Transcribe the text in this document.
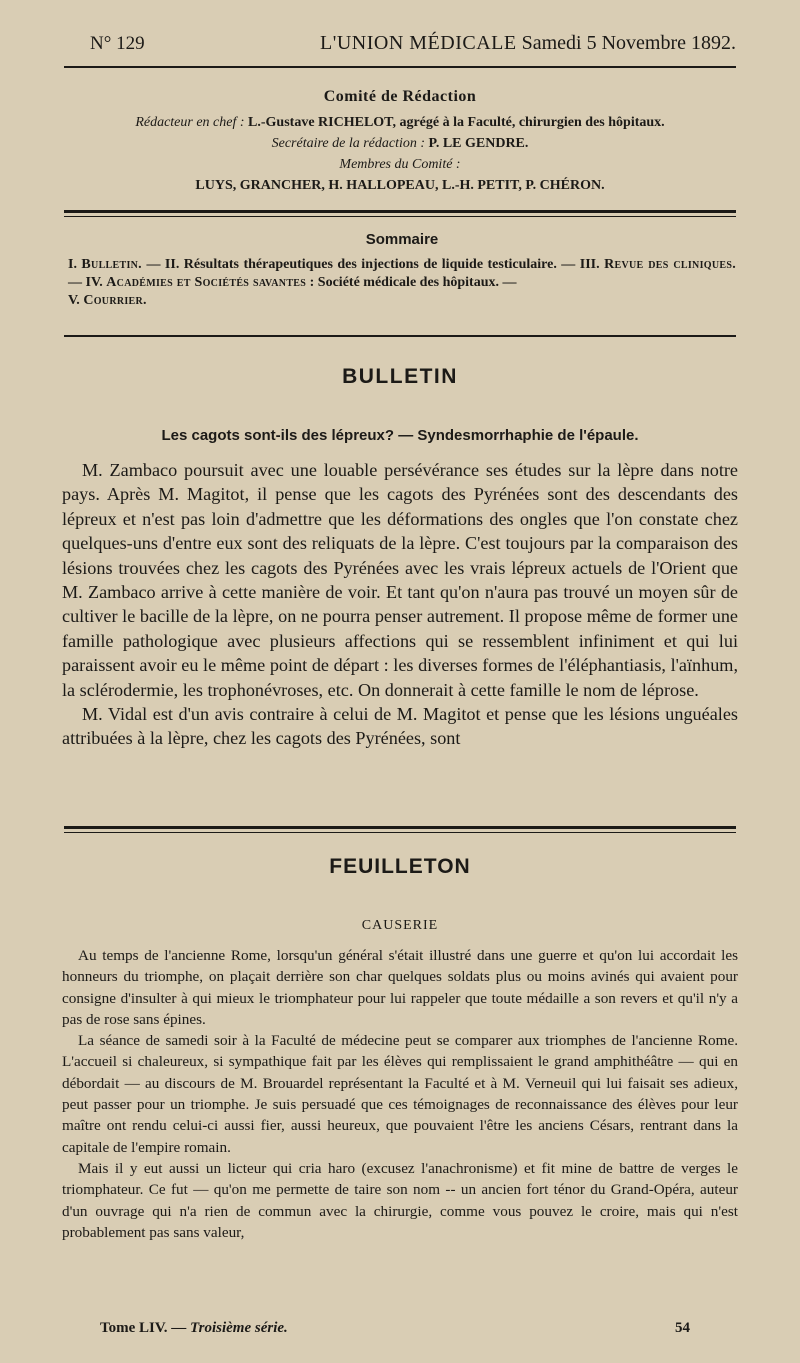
N° 129	L'UNION MÉDICALE Samedi 5 Novembre 1892.
Comité de Rédaction
Rédacteur en chef : L.-Gustave RICHELOT, agrégé à la Faculté, chirurgien des hôpitaux.
Secrétaire de la rédaction : P. LE GENDRE.
Membres du Comité :
LUYS, GRANCHER, H. HALLOPEAU, L.-H. PETIT, P. CHÉRON.
Sommaire
I. Bulletin. — II. Résultats thérapeutiques des injections de liquide testiculaire. — III. Revue des cliniques. — IV. Académies et Sociétés savantes : Société médicale des hôpitaux. —
V. Courrier.
BULLETIN
Les cagots sont-ils des lépreux? — Syndesmorrhaphie de l'épaule.

M. Zambaco poursuit avec une louable persévérance ses études sur la lèpre dans notre pays. Après M. Magitot, il pense que les cagots des Pyrénées sont des descendants des lépreux et n'est pas loin d'admettre que les déformations des ongles que l'on constate chez quelques-uns d'entre eux sont des reliquats de la lèpre. C'est toujours par la comparaison des lésions trouvées chez les cagots des Pyrénées avec les vrais lépreux actuels de l'Orient que M. Zambaco arrive à cette manière de voir. Et tant qu'on n'aura pas trouvé un moyen sûr de cultiver le bacille de la lèpre, on ne pourra penser autrement. Il propose même de former une famille pathologique avec plusieurs affections qui se ressemblent infiniment et qui lui paraissent avoir eu le même point de départ : les diverses formes de l'éléphantiasis, l'aïnhum, la sclérodermie, les trophonévroses, etc. On donnerait à cette famille le nom de léprose.

M. Vidal est d'un avis contraire à celui de M. Magitot et pense que les lésions unguéales attribuées à la lèpre, chez les cagots des Pyrénées, sont

FEUILLETON
CAUSERIE

Au temps de l'ancienne Rome, lorsqu'un général s'était illustré dans une guerre et qu'on lui accordait les honneurs du triomphe, on plaçait derrière son char quelques soldats plus ou moins avinés qui avaient pour consigne d'insulter à qui mieux le triomphateur pour lui rappeler que toute médaille a son revers et qu'il n'y a pas de rose sans épines.

La séance de samedi soir à la Faculté de médecine peut se comparer aux triomphes de l'ancienne Rome. L'accueil si chaleureux, si sympathique fait par les élèves qui remplissaient le grand amphithéâtre — qui en débordait — au discours de M. Brouardel représentant la Faculté et à M. Verneuil qui lui faisait ses adieux, peut passer pour un triomphe. Je suis persuadé que ces témoignages de reconnaissance des élèves pour leur maître ont rendu celui-ci aussi fier, aussi heureux, que pouvaient l'être les anciens Césars, rentrant dans la capitale de l'empire romain.

Mais il y eut aussi un licteur qui cria haro (excusez l'anachronisme) et fit mine de battre de verges le triomphateur. Ce fut — qu'on me permette de taire son nom -- un ancien fort ténor du Grand-Opéra, auteur d'un ouvrage qui n'a rien de commun avec la chirurgie, comme vous pouvez le croire, mais qui n'est probablement pas sans valeur,

Tome LIV. — Troisième série.	54
